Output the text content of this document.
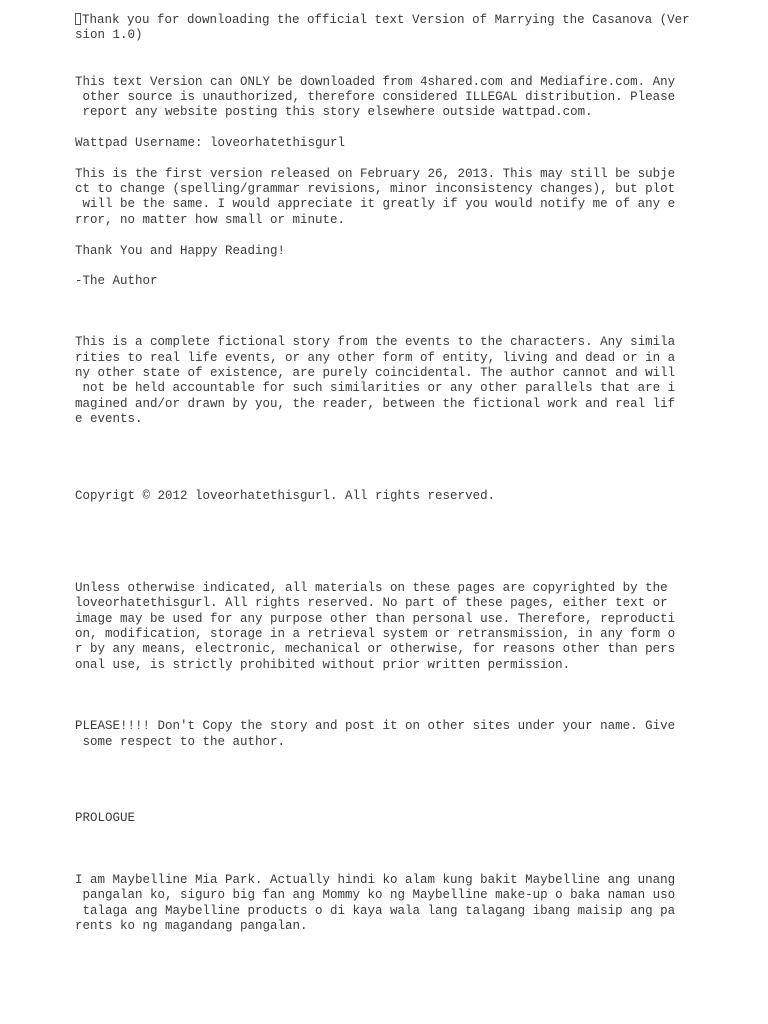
Thank you for downloading the official text Version of Marrying the Casanova (Ver

sion 1.0)

This text Version can ONLY be downloaded from 4shared.com and Mediafire.com. Any

other source is unauthorized, therefore considered ILLEGAL distribution. Please

report any website posting this story elsewhere outside wattpad.com.

Wattpad Username: loveorhatethisgurl

This is the first version released on February 26, 2013. This may still be subje

ct to change (spelling/grammar revisions, minor inconsistency changes), but plot

will be the same. I would appreciate it greatly if you would notify me of any e

rror, no matter how small or minute.

Thank You and Happy Reading!

-The Author

This is a complete fictional story from the events to the characters. Any simila

rities to real life events, or any other form of entity, living and dead or in a

ny other state of existence, are purely coincidental. The author cannot and will

not be held accountable for such similarities or any other parallels that are i

magined and/or drawn by you, the reader, between the fictional work and real lif

e events.

Copyrigt © 2012 loveorhatethisgurl. All rights reserved.

Unless otherwise indicated, all materials on these pages are copyrighted by the

loveorhatethisgurl. All rights reserved. No part of these pages, either text or

image may be used for any purpose other than personal use. Therefore, reproducti

on, modification, storage in a retrieval system or retransmission, in any form o

r by any means, electronic, mechanical or otherwise, for reasons other than pers

onal use, is strictly prohibited without prior written permission.

PLEASE!!!! Don't Copy the story and post it on other sites under your name. Give

some respect to the author.

PROLOGUE

I am Maybelline Mia Park. Actually hindi ko alam kung bakit Maybelline ang unang

pangalan ko, siguro big fan ang Mommy ko ng Maybelline make-up o baka naman uso

talaga ang Maybelline products o di kaya wala lang talagang ibang maisip ang pa

rents ko ng magandang pangalan.
